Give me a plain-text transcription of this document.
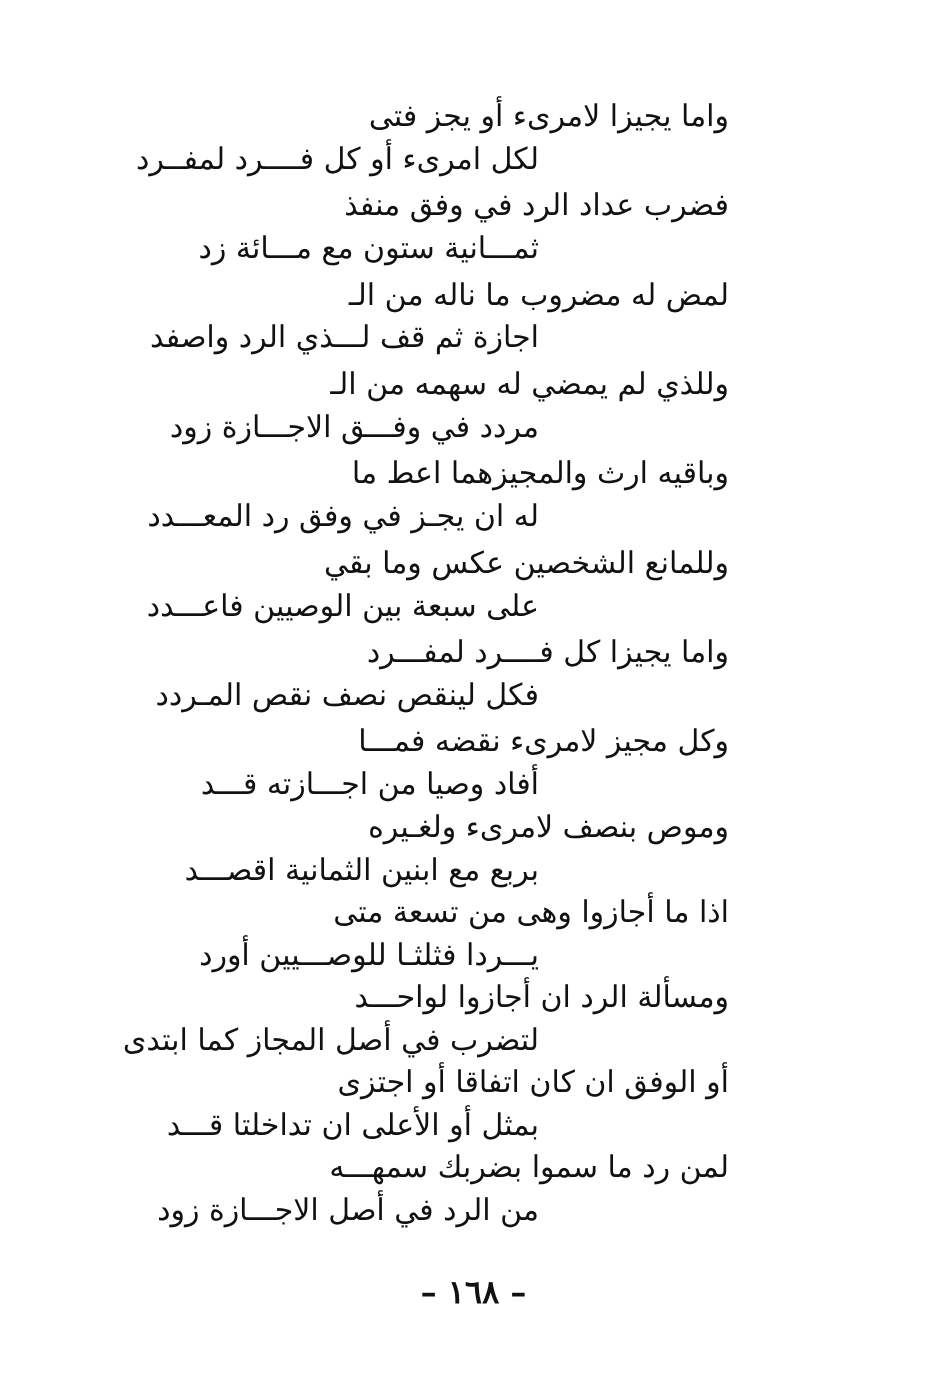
واما يجيزا لامرىء أو يجز فتى
لكل امرىء أو كل فــــرد لمفــرد
فضرب عداد الرد في وفق منفذ
ثمـــانية ستون مع مـــائة زد
لمض له مضروب ما ناله من الـ
اجازة ثم قف لـــذي الرد واصفد
وللذي لم يمضي له سهمه من الـ
مردد في وفـــق الاجـــازة زود
وباقيه ارث والمجيزهما اعط ما
له ان يجـز في وفق رد المعـــدد
وللمانع الشخصين عكس وما بقي
على سبعة بين الوصيين فاعـــدد
واما يجيزا كل فــــرد لمفـــرد
فكل لينقص نصف نقص المـردد
وكل مجيز لامرىء نقضه فمـــا
أفاد وصيا من اجـــازته قـــد
وموص بنصف لامرىء ولغـيره
بربع مع ابنين الثمانية اقصـــد
اذا ما أجازوا وهى من تسعة متى
يـــردا فثلثـا للوصـــيين أورد
ومسألة الرد ان أجازوا لواحـــد
لتضرب في أصل المجاز كما ابتدى
أو الوفق ان كان اتفاقا أو اجتزى
بمثل أو الأعلى ان تداخلتا قـــد
لمن رد ما سموا بضربك سمهـــه
من الرد في أصل الاجـــازة زود
– ١٦٨ –
